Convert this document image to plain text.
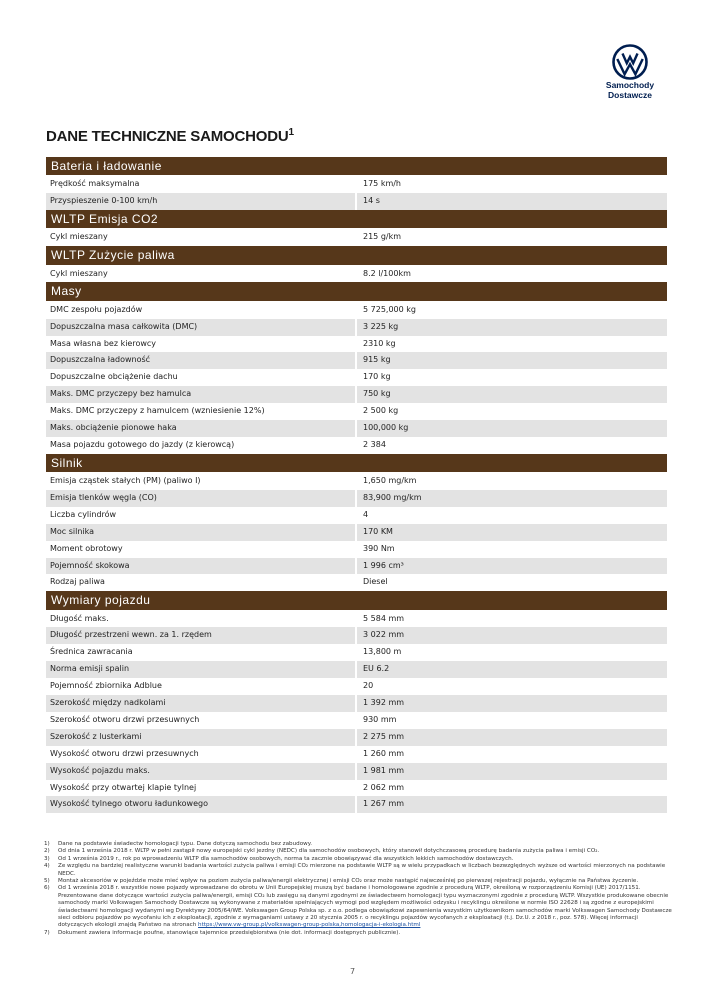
Samochody
Dostawcze
DANE TECHNICZNE SAMOCHODU$^1$
Bateria i ładowanie
Prędkość maksymalna	175 km/h
Przyspieszenie 0-100 km/h	14 s
WLTP Emisja CO2
Cykl mieszany	215 g/km
WLTP Zużycie paliwa
Cykl mieszany	8.2 l/100km
Masy
DMC zespołu pojazdów	5 725,000 kg
Dopuszczalna masa całkowita (DMC)	3 225 kg
Masa własna bez kierowcy	2310 kg
Dopuszczalna ładowność	915 kg
Dopuszczalne obciążenie dachu	170 kg
Maks. DMC przyczepy bez hamulca	750 kg
Maks. DMC przyczepy z hamulcem (wzniesienie 12%)	2 500 kg
Maks. obciążenie pionowe haka	100,000 kg
Masa pojazdu gotowego do jazdy (z kierowcą)	2 384
Silnik
Emisja cząstek stałych (PM) (paliwo I)	1,650 mg/km
Emisja tlenków węgla (CO)	83,900 mg/km
Liczba cylindrów	4
Moc silnika	170 KM
Moment obrotowy	390 Nm
Pojemność skokowa	1 996 cm³
Rodzaj paliwa	Diesel
Wymiary pojazdu
Długość maks.	5 584 mm
Długość przestrzeni wewn. za 1. rzędem	3 022 mm
Średnica zawracania	13,800 m
Norma emisji spalin	EU 6.2
Pojemność zbiornika Adblue	20
Szerokość między nadkolami	1 392 mm
Szerokość otworu drzwi przesuwnych	930 mm
Szerokość z lusterkami	2 275 mm
Wysokość otworu drzwi przesuwnych	1 260 mm
Wysokość pojazdu maks.	1 981 mm
Wysokość przy otwartej klapie tylnej	2 062 mm
Wysokość tylnego otworu ładunkowego	1 267 mm
1)	Dane na podstawie świadectw homologacji typu. Dane dotyczą samochodu bez zabudowy.
2)	Od dnia 1 września 2018 r. WLTP w pełni zastąpił nowy europejski cykl jezdny (NEDC) dla samochodów osobowych, który stanowił dotychczasową procedurę badania zużycia paliwa i emisji CO₂.
3)	Od 1 września 2019 r., rok po wprowadzeniu WLTP dla samochodów osobowych, norma ta zacznie obowiązywać dla wszystkich lekkich samochodów dostawczych.
4)	Ze względu na bardziej realistyczne warunki badania wartości zużycia paliwa i emisji CO₂ mierzone na podstawie WLTP są w wielu przypadkach w liczbach bezwzględnych wyższe od wartości mierzonych na podstawie NEDC.
5)	Montaż akcesoriów w pojeździe może mieć wpływ na poziom zużycia paliwa/energii elektrycznej i emisji CO₂ oraz może nastąpić najwcześniej po pierwszej rejestracji pojazdu, wyłącznie na Państwa życzenie.
6)	Od 1 września 2018 r. wszystkie nowe pojazdy wprowadzane do obrotu w Unii Europejskiej muszą być badane i homologowane zgodnie z procedurą WLTP, określoną w rozporządzeniu Komisji (UE) 2017/1151. Prezentowane dane dotyczące wartości zużycia paliwa/energii, emisji CO₂ lub zasięgu są danymi zgodnymi ze świadectwem homologacji typu wyznaczonymi zgodnie z procedurą WLTP. Wszystkie produkowane obecnie samochody marki Volkswagen Samochody Dostawcze są wykonywane z materiałów spełniających wymogi pod względem możliwości odzysku i recyklingu określone w normie ISO 22628 i są zgodne z europejskimi świadectwami homologacji wydanymi wg Dyrektywy 2005/64/WE. Volkswagen Group Polska sp. z o.o. podlega obowiązkowi zapewnienia wszystkim użytkownikom samochodów marki Volkswagen Samochody Dostawcze sieci odbioru pojazdów po wycofaniu ich z eksploatacji, zgodnie z wymaganiami ustawy z 20 stycznia 2005 r. o recyklingu pojazdów wycofanych z eksploatacji (t.j. Dz.U. z 2018 r., poz. 578). Więcej informacji dotyczących ekologii znajdą Państwo na stronach https://www.vw-group.pl/volkswagen-group-polska,homologacja-i-ekologia.html
7)	Dokument zawiera informacje poufne, stanowiące tajemnice przedsiębiorstwa (nie dot. informacji dostępnych publicznie).
7
